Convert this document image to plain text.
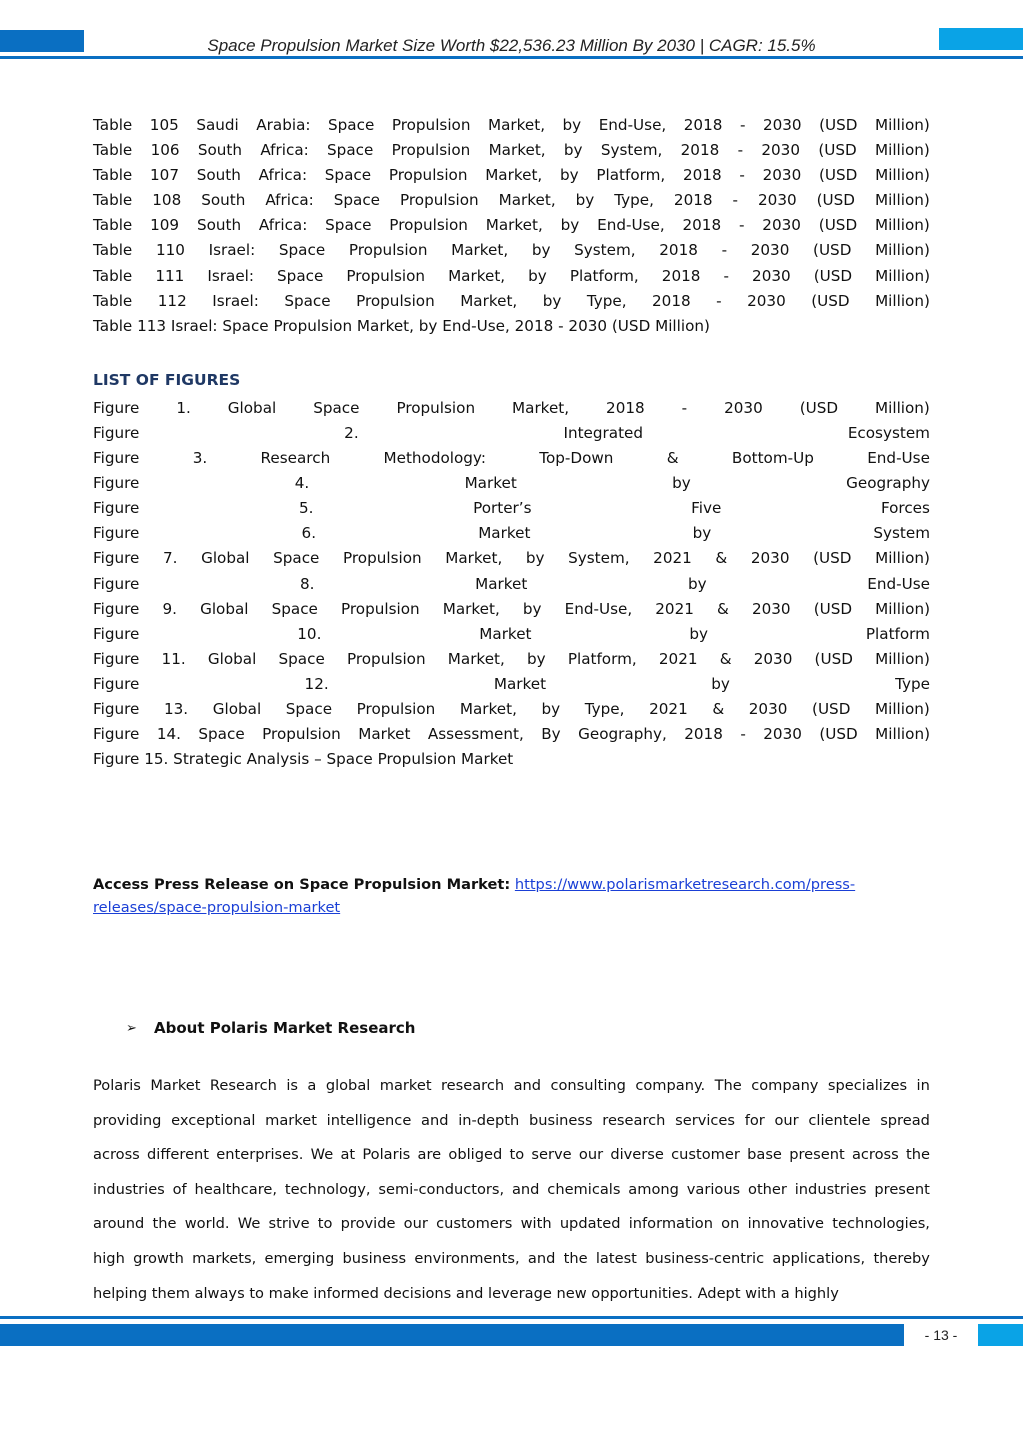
Space Propulsion Market Size Worth $22,536.23 Million By 2030 | CAGR: 15.5%
Table 105 Saudi Arabia: Space Propulsion Market, by End-Use, 2018 - 2030 (USD Million)
Table 106 South Africa: Space Propulsion Market, by System, 2018 - 2030 (USD Million)
Table 107 South Africa: Space Propulsion Market, by Platform, 2018 - 2030 (USD Million)
Table 108 South Africa: Space Propulsion Market, by Type, 2018 - 2030 (USD Million)
Table 109 South Africa: Space Propulsion Market, by End-Use, 2018 - 2030 (USD Million)
Table 110 Israel: Space Propulsion Market, by System, 2018 - 2030 (USD Million)
Table 111 Israel: Space Propulsion Market, by Platform, 2018 - 2030 (USD Million)
Table 112 Israel: Space Propulsion Market, by Type, 2018 - 2030 (USD Million)
Table 113 Israel: Space Propulsion Market, by End-Use, 2018 - 2030 (USD Million)
LIST OF FIGURES
Figure 1. Global Space Propulsion Market, 2018 - 2030 (USD Million)
Figure	2.	Integrated	Ecosystem
Figure	3.	Research	Methodology:	Top-Down	&	Bottom-Up	End-Use
Figure	4.	Market	by	Geography
Figure	5.	Porter’s	Five	Forces
Figure	6.	Market	by	System
Figure 7. Global Space Propulsion Market, by System, 2021 & 2030 (USD Million)
Figure	8.	Market	by	End-Use
Figure 9. Global Space Propulsion Market, by End-Use, 2021 & 2030 (USD Million)
Figure	10.	Market	by	Platform
Figure 11. Global Space Propulsion Market, by Platform, 2021 & 2030 (USD Million)
Figure	12.	Market	by	Type
Figure 13. Global Space Propulsion Market, by Type, 2021 & 2030 (USD Million)
Figure 14. Space Propulsion Market Assessment, By Geography, 2018 - 2030 (USD Million)
Figure 15. Strategic Analysis – Space Propulsion Market
Access Press Release on Space Propulsion Market: https://www.polarismarketresearch.com/press-
releases/space-propulsion-market
➢	About Polaris Market Research
Polaris Market Research is a global market research and consulting company. The company specializes in
providing exceptional market intelligence and in-depth business research services for our clientele spread
across different enterprises. We at Polaris are obliged to serve our diverse customer base present across the
industries of healthcare, technology, semi-conductors, and chemicals among various other industries present
around the world. We strive to provide our customers with updated information on innovative technologies,
high growth markets, emerging business environments, and the latest business-centric applications, thereby
helping them always to make informed decisions and leverage new opportunities. Adept with a highly
- 13 -
